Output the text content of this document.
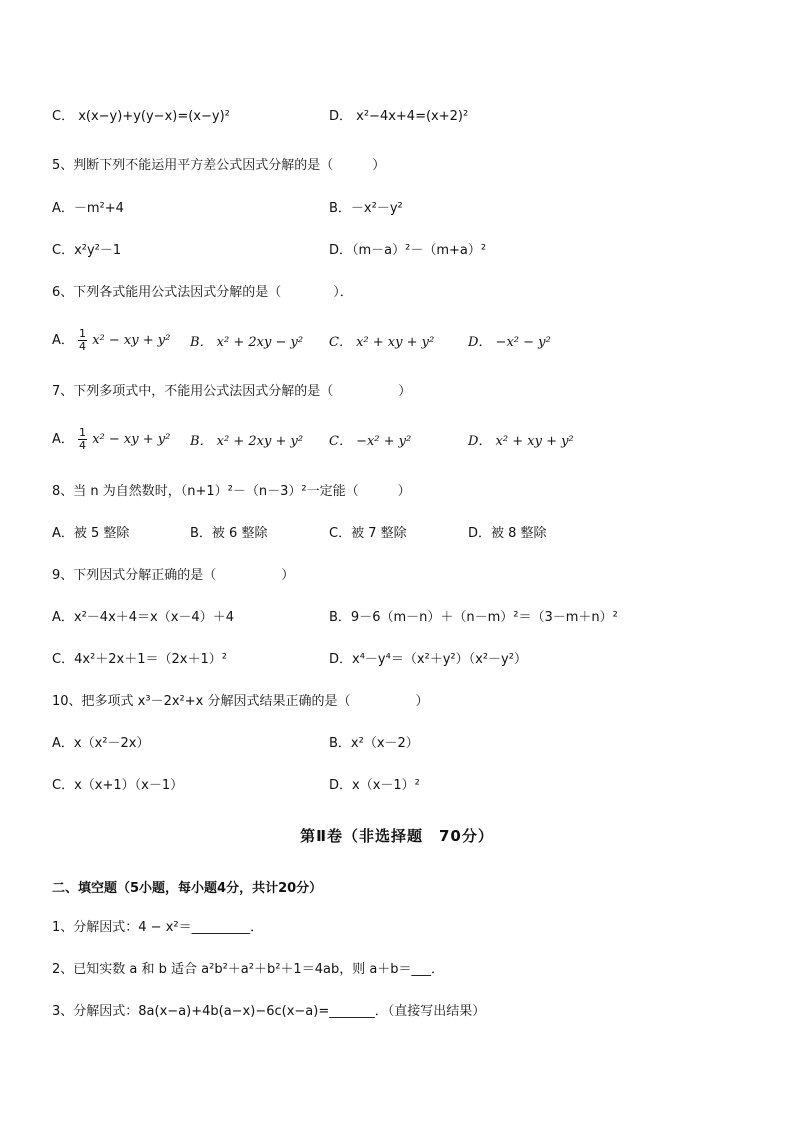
C． x(x−y)+y(y−x)=(x−y)²	D． x²−4x+4=(x+2)²
5、判断下列不能运用平方差公式因式分解的是（　　　）
A．－m²+4	B．－x²－y²
C．x²y²－1	D．（m－a）²－（m+a）²
6、下列各式能用公式法因式分解的是（　　　　）．
A． $\frac{1}{4} x^2$ − xy + y² B． x² + 2xy − y² C． x² + xy + y²	D． −x² − y²
7、下列多项式中，不能用公式法因式分解的是（　　　　　）
A． $\frac{1}{4} x^2$ − xy + y² B． x² + 2xy + y² C． −x² + y²	D． x² + xy + y²
8、当 n 为自然数时，（n+1）²－（n－3）²一定能（　　　）
A．被 5 整除	B．被 6 整除	C．被 7 整除	D．被 8 整除
9、下列因式分解正确的是（　　　　　）
A．x²－4x＋4＝x（x－4）＋4	B．9－6（m－n）＋（n－m）²＝（3－m＋n）²
C．4x²＋2x＋1＝（2x＋1）²	D．x⁴－y⁴＝（x²＋y²）（x²－y²）
10、把多项式 x³－2x²+x 分解因式结果正确的是（　　　　　）
A．x（x²－2x）	B．x²（x－2）
C．x（x+1）（x－1）	D．x（x－1）²
第Ⅱ卷（非选择题　70分）
二、填空题（5小题，每小题4分，共计20分）
1、分解因式：4 − x²＝_________．
2、已知实数 a 和 b 适合 a²b²＋a²＋b²＋1＝4ab，则 a＋b＝___．
3、分解因式：8a(x−a)+4b(a−x)−6c(x−a)=_______．（直接写出结果）
